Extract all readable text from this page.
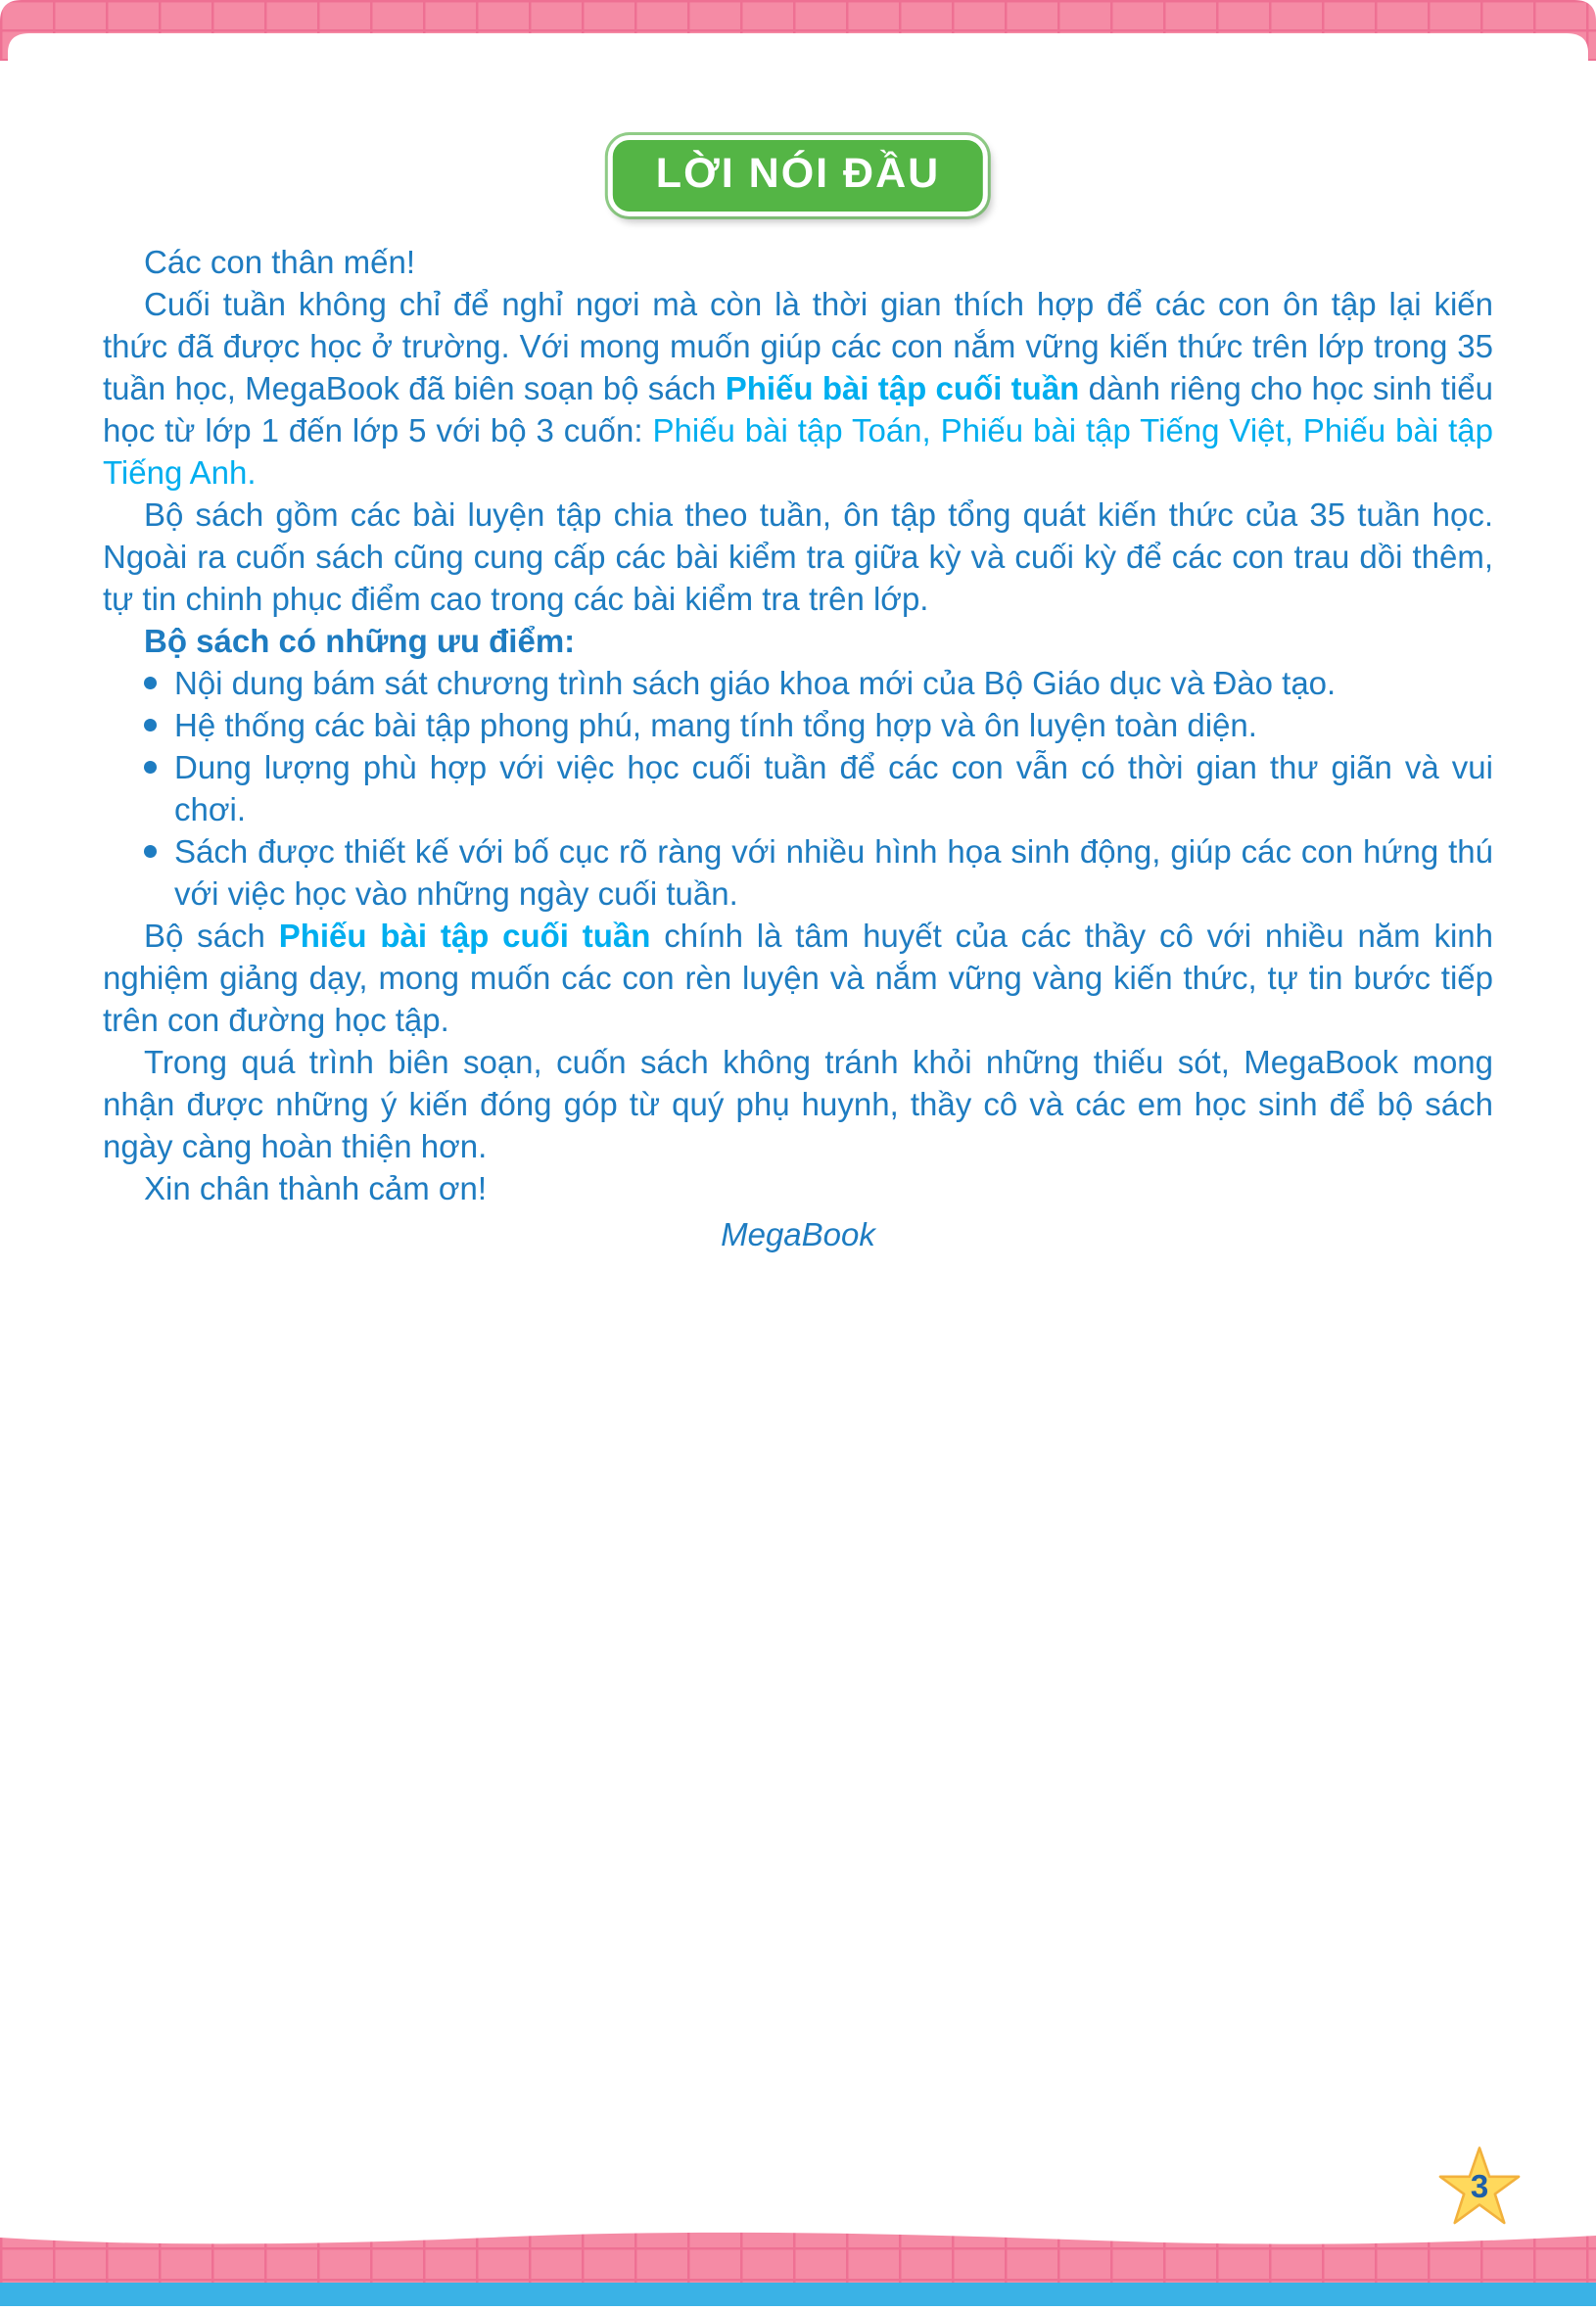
LỜI NÓI ĐẦU

Các con thân mến!

Cuối tuần không chỉ để nghỉ ngơi mà còn là thời gian thích hợp để các con ôn tập lại kiến thức đã được học ở trường. Với mong muốn giúp các con nắm vững kiến thức trên lớp trong 35 tuần học, MegaBook đã biên soạn bộ sách Phiếu bài tập cuối tuần dành riêng cho học sinh tiểu học từ lớp 1 đến lớp 5 với bộ 3 cuốn: Phiếu bài tập Toán, Phiếu bài tập Tiếng Việt, Phiếu bài tập Tiếng Anh.

Bộ sách gồm các bài luyện tập chia theo tuần, ôn tập tổng quát kiến thức của 35 tuần học. Ngoài ra cuốn sách cũng cung cấp các bài kiểm tra giữa kỳ và cuối kỳ để các con trau dồi thêm, tự tin chinh phục điểm cao trong các bài kiểm tra trên lớp.

Bộ sách có những ưu điểm:

Nội dung bám sát chương trình sách giáo khoa mới của Bộ Giáo dục và Đào tạo.

Hệ thống các bài tập phong phú, mang tính tổng hợp và ôn luyện toàn diện.

Dung lượng phù hợp với việc học cuối tuần để các con vẫn có thời gian thư giãn và vui chơi.

Sách được thiết kế với bố cục rõ ràng với nhiều hình họa sinh động, giúp các con hứng thú với việc học vào những ngày cuối tuần.

Bộ sách Phiếu bài tập cuối tuần chính là tâm huyết của các thầy cô với nhiều năm kinh nghiệm giảng dạy, mong muốn các con rèn luyện và nắm vững vàng kiến thức, tự tin bước tiếp trên con đường học tập.

Trong quá trình biên soạn, cuốn sách không tránh khỏi những thiếu sót, MegaBook mong nhận được những ý kiến đóng góp từ quý phụ huynh, thầy cô và các em học sinh để bộ sách ngày càng hoàn thiện hơn.

Xin chân thành cảm ơn!

MegaBook

3
